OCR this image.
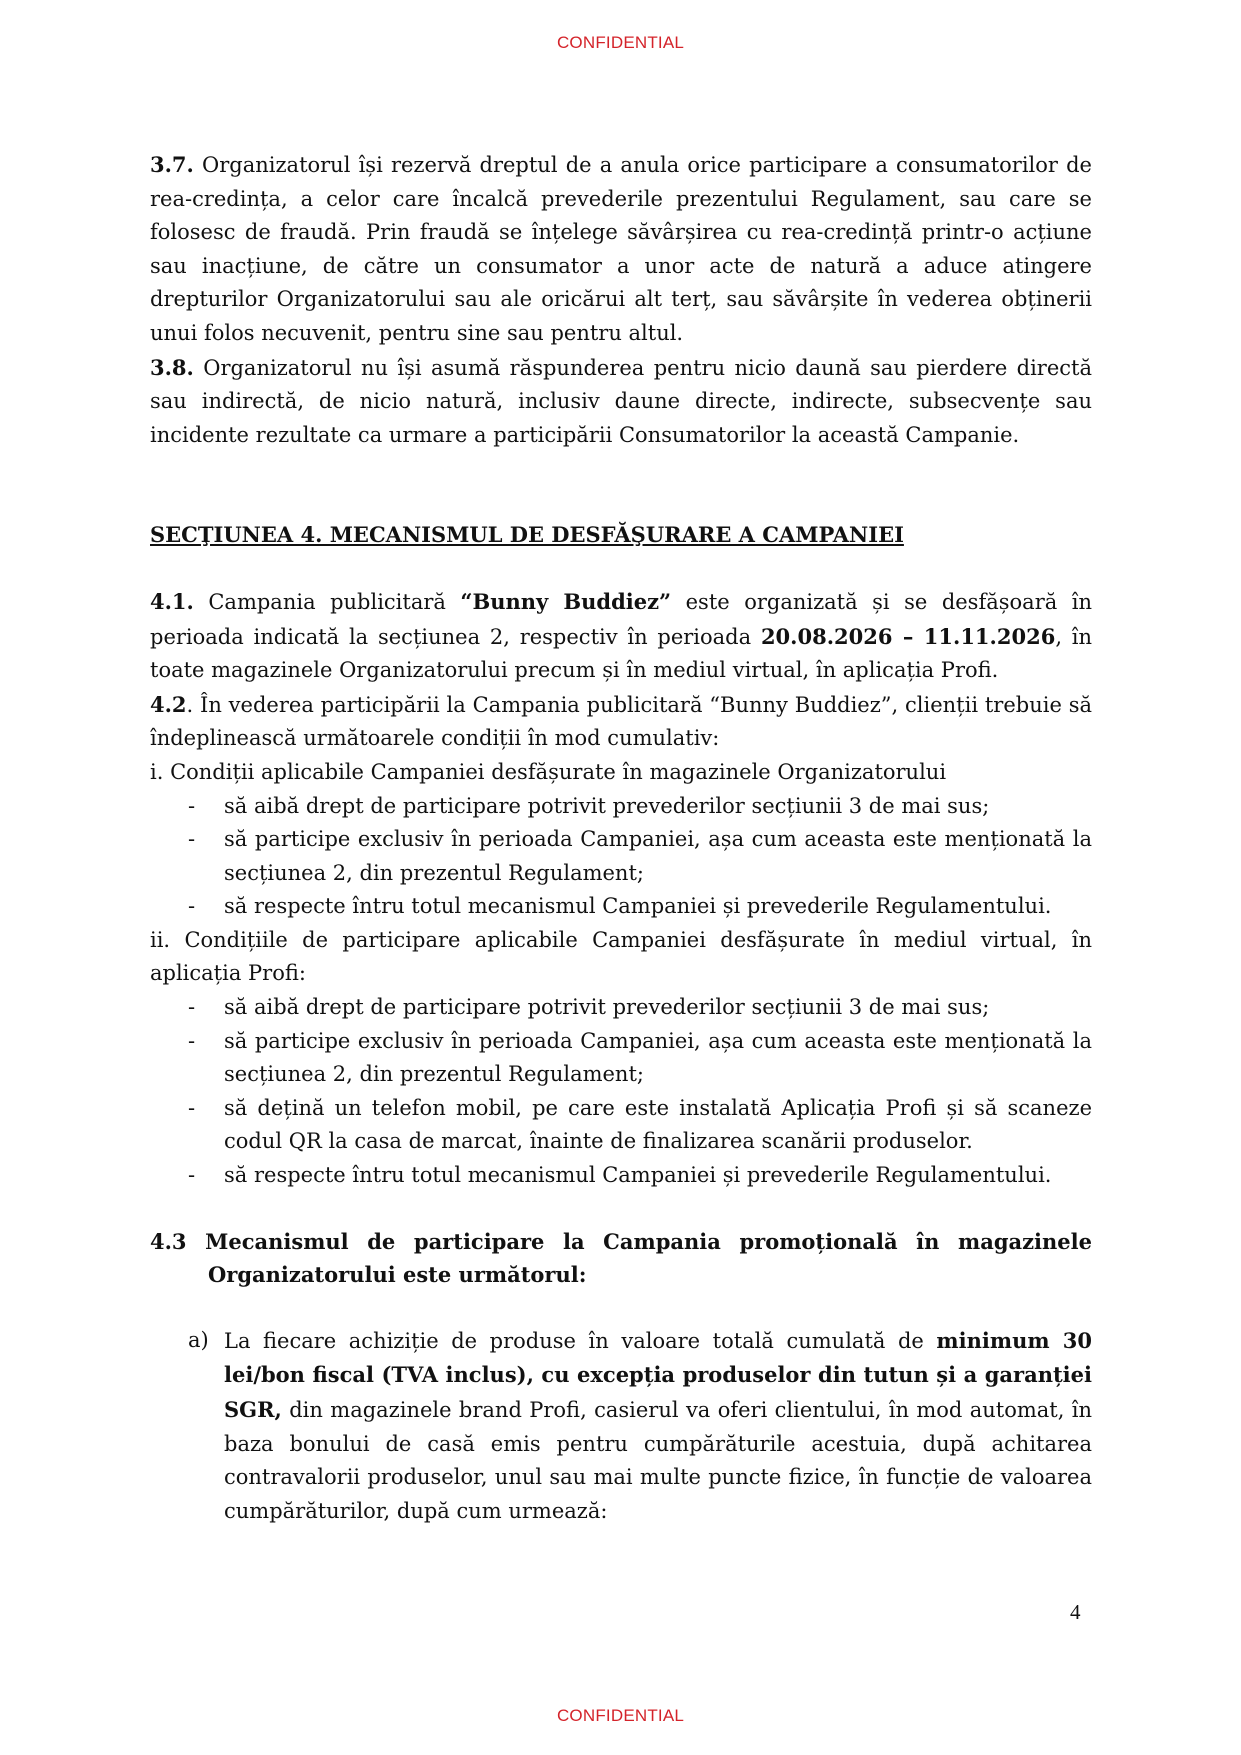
CONFIDENTIAL

3.7. Organizatorul își rezervă dreptul de a anula orice participare a consumatorilor de rea-credința, a celor care încalcă prevederile prezentului Regulament, sau care se folosesc de fraudă. Prin fraudă se înțelege săvârșirea cu rea-credință printr-o acțiune sau inacțiune, de către un consumator a unor acte de natură a aduce atingere drepturilor Organizatorului sau ale oricărui alt terț, sau săvârșite în vederea obținerii unui folos necuvenit, pentru sine sau pentru altul.

3.8. Organizatorul nu își asumă răspunderea pentru nicio daună sau pierdere directă sau indirectă, de nicio natură, inclusiv daune directe, indirecte, subsecvențe sau incidente rezultate ca urmare a participării Consumatorilor la această Campanie.

SECŢIUNEA 4. MECANISMUL DE DESFĂŞURARE A CAMPANIEI

4.1. Campania publicitară “Bunny Buddiez” este organizată și se desfășoară în perioada indicată la secțiunea 2, respectiv în perioada 20.08.2026 – 11.11.2026, în toate magazinele Organizatorului precum și în mediul virtual, în aplicația Profi.

4.2. În vederea participării la Campania publicitară “Bunny Buddiez”, clienții trebuie să îndeplinească următoarele condiții în mod cumulativ:

i. Condiții aplicabile Campaniei desfășurate în magazinele Organizatorului

- să aibă drept de participare potrivit prevederilor secțiunii 3 de mai sus;

- să participe exclusiv în perioada Campaniei, așa cum aceasta este menționată la secțiunea 2, din prezentul Regulament;

- să respecte întru totul mecanismul Campaniei și prevederile Regulamentului.

ii. Condițiile de participare aplicabile Campaniei desfășurate în mediul virtual, în aplicația Profi:

- să aibă drept de participare potrivit prevederilor secțiunii 3 de mai sus;

- să participe exclusiv în perioada Campaniei, așa cum aceasta este menționată la secțiunea 2, din prezentul Regulament;

- să dețină un telefon mobil, pe care este instalată Aplicația Profi și să scaneze codul QR la casa de marcat, înainte de finalizarea scanării produselor.

- să respecte întru totul mecanismul Campaniei și prevederile Regulamentului.

4.3 Mecanismul de participare la Campania promoțională în magazinele Organizatorului este următorul:

a) La fiecare achiziție de produse în valoare totală cumulată de minimum 30 lei/bon fiscal (TVA inclus), cu excepția produselor din tutun și a garanției SGR, din magazinele brand Profi, casierul va oferi clientului, în mod automat, în baza bonului de casă emis pentru cumpărăturile acestuia, după achitarea contravalorii produselor, unul sau mai multe puncte fizice, în funcție de valoarea cumpărăturilor, după cum urmează:

4
CONFIDENTIAL
